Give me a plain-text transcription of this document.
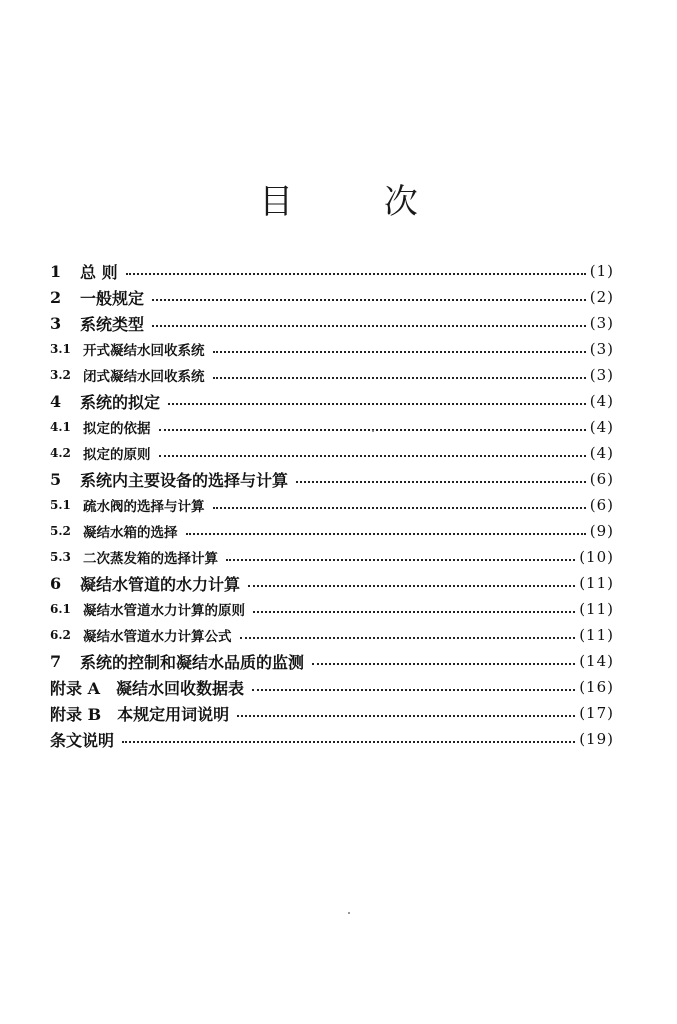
目 次
1	总 则	(1)
2	一般规定	(2)
3	系统类型	(3)
3.1 开式凝结水回收系统	(3)
3.2 闭式凝结水回收系统	(3)
4	系统的拟定	(4)
4.1 拟定的依据	(4)
4.2 拟定的原则	(4)
5	系统内主要设备的选择与计算	(6)
5.1 疏水阀的选择与计算	(6)
5.2 凝结水箱的选择	(9)
5.3 二次蒸发箱的选择计算	(10)
6	凝结水管道的水力计算	(11)
6.1 凝结水管道水力计算的原则	(11)
6.2 凝结水管道水力计算公式	(11)
7	系统的控制和凝结水品质的监测	(14)
附录 A　凝结水回收数据表	(16)
附录 B　本规定用词说明	(17)
条文说明	(19)
